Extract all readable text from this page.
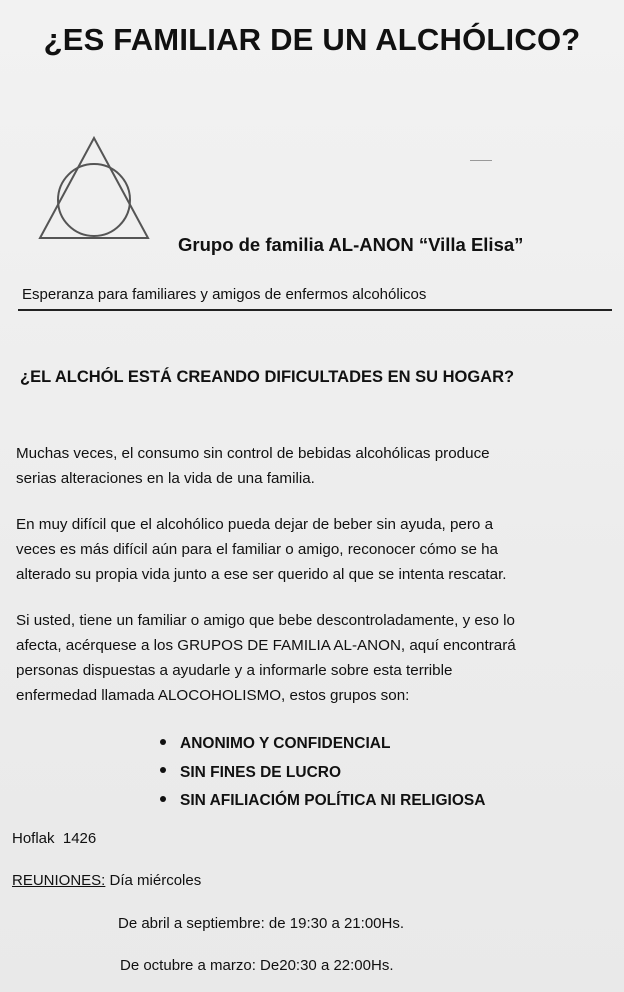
¿ES FAMILIAR DE UN ALCHÓLICO?
Grupo de familia AL-ANON “Villa Elisa”
Esperanza para familiares y amigos de enfermos alcohólicos
¿EL ALCHÓL ESTÁ CREANDO DIFICULTADES EN SU HOGAR?
Muchas veces, el consumo sin control de bebidas alcohólicas produce
serias alteraciones en la vida de una familia.
En muy difícil que el alcohólico pueda dejar de beber sin ayuda, pero a
veces es más difícil aún para el familiar o amigo, reconocer cómo se ha
alterado su propia vida junto a ese ser querido al que se intenta rescatar.
Si usted, tiene un familiar o amigo que bebe descontroladamente, y eso lo
afecta, acérquese a los GRUPOS DE FAMILIA AL-ANON, aquí encontrará
personas dispuestas a ayudarle y a informarle sobre esta terrible
enfermedad llamada ALOCOHOLISMO, estos grupos son:
ANONIMO Y CONFIDENCIAL
SIN FINES DE LUCRO
SIN AFILIACIÓM POLÍTICA NI RELIGIOSA
Hoflak  1426
REUNIONES: Día miércoles
De abril a septiembre: de 19:30 a 21:00Hs.
De octubre a marzo: De20:30 a 22:00Hs.
